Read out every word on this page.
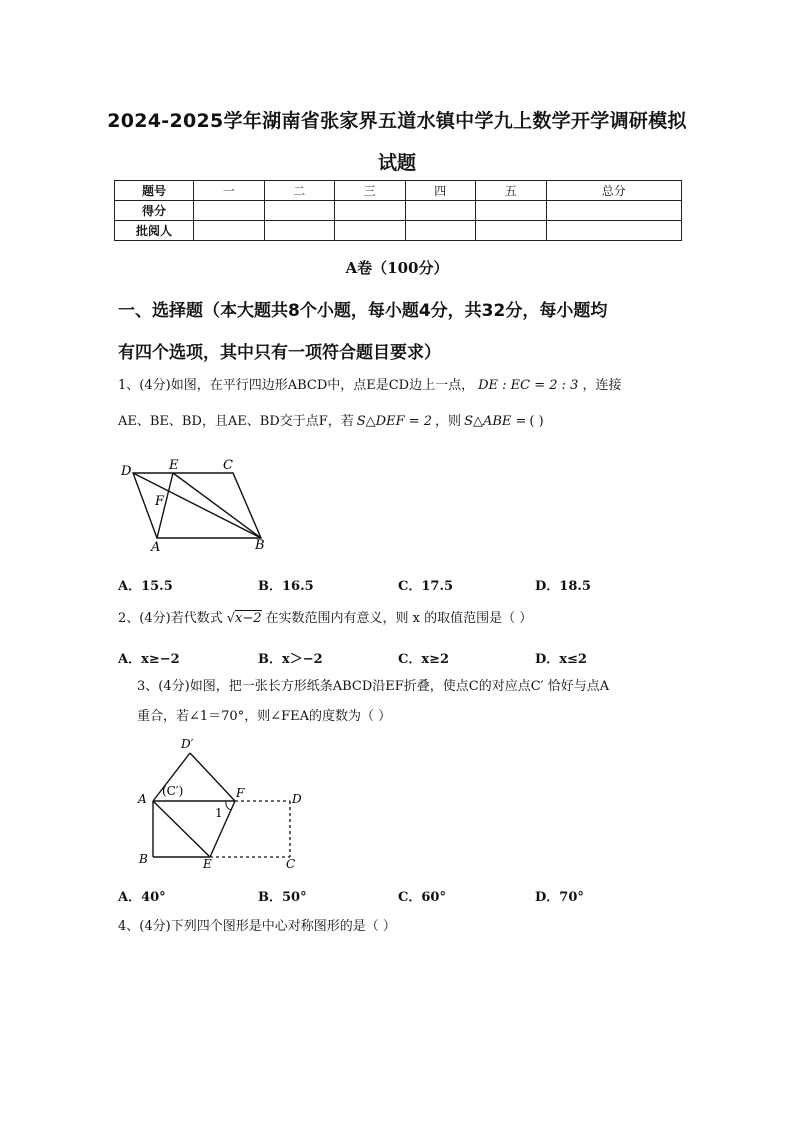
2024-2025学年湖南省张家界五道水镇中学九上数学开学调研模拟
试题
题号	一	二	三	四	五	总分
得分						
批阅人						
A卷（100分）
一、选择题（本大题共8个小题，每小题4分，共32分，每小题均
有四个选项，其中只有一项符合题目要求）
1、(4分)如图，在平行四边形ABCD中，点E是CD边上一点， DE : EC = 2 : 3 ，连接
AE、BE、BD，且AE、BD交于点F，若 S△DEF = 2 ，则 S△ABE = ( )
D	E	C
F
A	B
A．15.5	B．16.5	C．17.5	D．18.5
2、(4分)若代数式 √x−2 在实数范围内有意义，则 x 的取值范围是（ ）
A．x≥−2	B．x＞−2	C．x≥2	D．x≤2
3、(4分)如图，把一张长方形纸条ABCD沿EF折叠，使点C的对应点C′ 恰好与点A
重合，若∠1＝70°，则∠FEA的度数为（ ）
D′
A
(C′)	F	D
1
B	E	C
A．40°	B．50°	C．60°	D．70°
4、(4分)下列四个图形是中心对称图形的是（ ）
